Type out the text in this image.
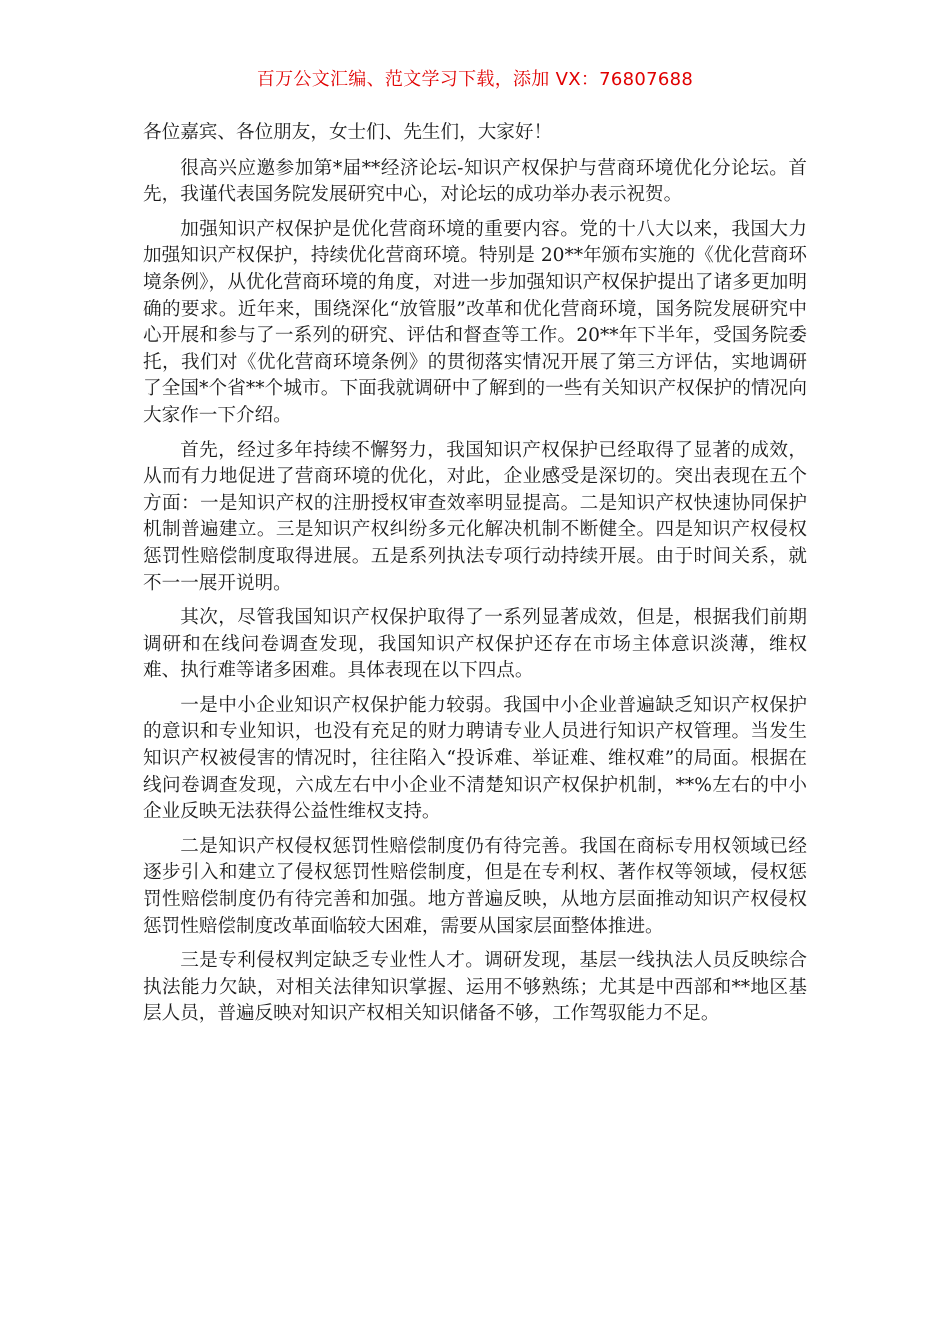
百万公文汇编、范文学习下载，添加 VX：76807688

各位嘉宾、各位朋友，女士们、先生们，大家好！

很高兴应邀参加第*届**经济论坛-知识产权保护与营商环境优化分论坛。首先，我谨代表国务院发展研究中心，对论坛的成功举办表示祝贺。

加强知识产权保护是优化营商环境的重要内容。党的十八大以来，我国大力加强知识产权保护，持续优化营商环境。特别是 20**年颁布实施的《优化营商环境条例》，从优化营商环境的角度，对进一步加强知识产权保护提出了诸多更加明确的要求。近年来，围绕深化“放管服”改革和优化营商环境，国务院发展研究中心开展和参与了一系列的研究、评估和督查等工作。20**年下半年，受国务院委托，我们对《优化营商环境条例》的贯彻落实情况开展了第三方评估，实地调研了全国*个省**个城市。下面我就调研中了解到的一些有关知识产权保护的情况向大家作一下介绍。

首先，经过多年持续不懈努力，我国知识产权保护已经取得了显著的成效，从而有力地促进了营商环境的优化，对此，企业感受是深切的。突出表现在五个方面：一是知识产权的注册授权审查效率明显提高。二是知识产权快速协同保护机制普遍建立。三是知识产权纠纷多元化解决机制不断健全。四是知识产权侵权惩罚性赔偿制度取得进展。五是系列执法专项行动持续开展。由于时间关系，就不一一展开说明。

其次，尽管我国知识产权保护取得了一系列显著成效，但是，根据我们前期调研和在线问卷调查发现，我国知识产权保护还存在市场主体意识淡薄，维权难、执行难等诸多困难。具体表现在以下四点。

一是中小企业知识产权保护能力较弱。我国中小企业普遍缺乏知识产权保护的意识和专业知识，也没有充足的财力聘请专业人员进行知识产权管理。当发生知识产权被侵害的情况时，往往陷入“投诉难、举证难、维权难”的局面。根据在线问卷调查发现，六成左右中小企业不清楚知识产权保护机制，**%左右的中小企业反映无法获得公益性维权支持。

二是知识产权侵权惩罚性赔偿制度仍有待完善。我国在商标专用权领域已经逐步引入和建立了侵权惩罚性赔偿制度，但是在专利权、著作权等领域，侵权惩罚性赔偿制度仍有待完善和加强。地方普遍反映，从地方层面推动知识产权侵权惩罚性赔偿制度改革面临较大困难，需要从国家层面整体推进。

三是专利侵权判定缺乏专业性人才。调研发现，基层一线执法人员反映综合执法能力欠缺，对相关法律知识掌握、运用不够熟练；尤其是中西部和**地区基层人员，普遍反映对知识产权相关知识储备不够，工作驾驭能力不足。
